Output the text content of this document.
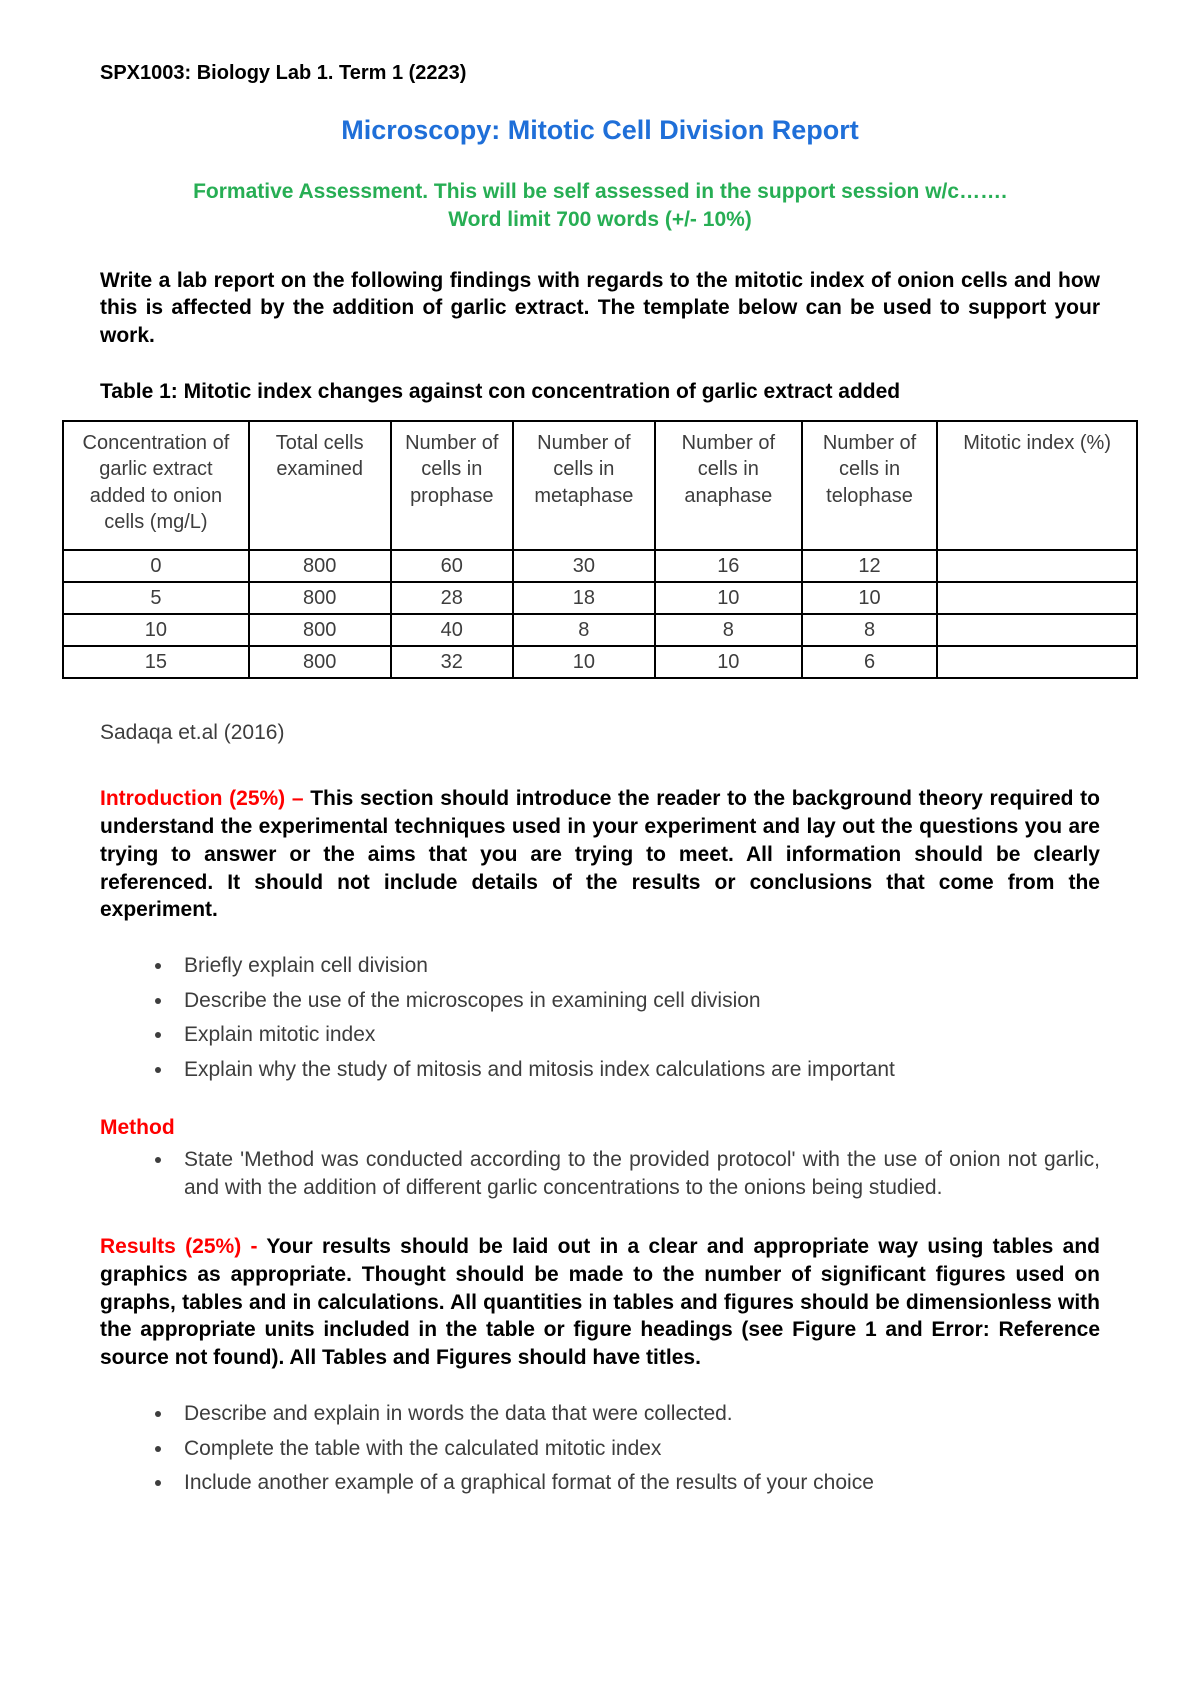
SPX1003: Biology Lab 1. Term 1 (2223)

Microscopy: Mitotic Cell Division Report

Formative Assessment. This will be self assessed in the support session w/c…….
Word limit 700 words (+/- 10%)

Write a lab report on the following findings with regards to the mitotic index of onion cells and how this is affected by the addition of garlic extract. The template below can be used to support your work.

Table 1: Mitotic index changes against con concentration of garlic extract added

Concentration of garlic extract added to onion cells (mg/L)	Total cells examined	Number of cells in prophase	Number of cells in metaphase	Number of cells in anaphase	Number of cells in telophase	Mitotic index (%)
0	800	60	30	16	12	
5	800	28	18	10	10	
10	800	40	8	8	8	
15	800	32	10	10	6	

Sadaqa et.al (2016)

Introduction (25%) – This section should introduce the reader to the background theory required to understand the experimental techniques used in your experiment and lay out the questions you are trying to answer or the aims that you are trying to meet. All information should be clearly referenced. It should not include details of the results or conclusions that come from the experiment.

• Briefly explain cell division
• Describe the use of the microscopes in examining cell division
• Explain mitotic index
• Explain why the study of mitosis and mitosis index calculations are important

Method

• State 'Method was conducted according to the provided protocol' with the use of onion not garlic, and with the addition of different garlic concentrations to the onions being studied.

Results (25%) - Your results should be laid out in a clear and appropriate way using tables and graphics as appropriate. Thought should be made to the number of significant figures used on graphs, tables and in calculations. All quantities in tables and figures should be dimensionless with the appropriate units included in the table or figure headings (see Figure 1 and Error: Reference source not found). All Tables and Figures should have titles.

• Describe and explain in words the data that were collected.
• Complete the table with the calculated mitotic index
• Include another example of a graphical format of the results of your choice
